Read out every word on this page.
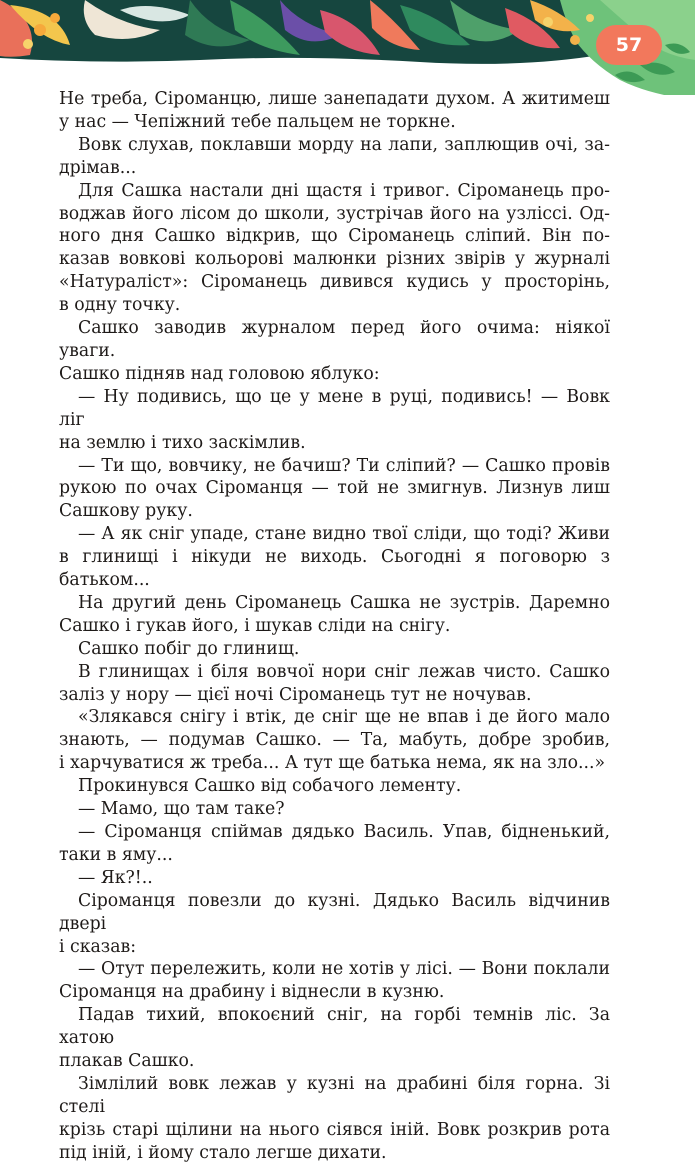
57
Не треба, Сіроманцю, лише занепадати духом. А житимеш
у нас — Чепіжний тебе пальцем не торкне.
Вовк слухав, поклавши морду на лапи, заплющив очі, за-
дрімав...
Для Сашка настали дні щастя і тривог. Сіроманець про-
воджав його лісом до школи, зустрічав його на узліссі. Од-
ного дня Сашко відкрив, що Сіроманець сліпий. Він по-
казав вовкові кольорові малюнки різних звірів у журналі
«Натураліст»: Сіроманець дивився кудись у просторінь,
в одну точку.
Сашко заводив журналом перед його очима: ніякої уваги.
Сашко підняв над головою яблуко:
— Ну подивись, що це у мене в руці, подивись! — Вовк ліг
на землю і тихо заскімлив.
— Ти що, вовчику, не бачиш? Ти сліпий? — Сашко провів
рукою по очах Сіроманця — той не змигнув. Лизнув лиш
Сашкову руку.
— А як сніг упаде, стане видно твої сліди, що тоді? Живи
в глинищі і нікуди не виходь. Сьогодні я поговорю з батьком...
На другий день Сіроманець Сашка не зустрів. Даремно
Сашко і гукав його, і шукав сліди на снігу.
Сашко побіг до глинищ.
В глинищах і біля вовчої нори сніг лежав чисто. Сашко
заліз у нору — цієї ночі Сіроманець тут не ночував.
«Злякався снігу і втік, де сніг ще не впав і де його мало
знають, — подумав Сашко. — Та, мабуть, добре зробив,
і харчуватися ж треба... А тут ще батька нема, як на зло...»
Прокинувся Сашко від собачого лементу.
— Мамо, що там таке?
— Сіроманця спіймав дядько Василь. Упав, бідненький,
таки в яму...
— Як?!..
Сіроманця повезли до кузні. Дядько Василь відчинив двері
і сказав:
— Отут перележить, коли не хотів у лісі. — Вони поклали
Сіроманця на драбину і віднесли в кузню.
Падав тихий, впокоєний сніг, на горбі темнів ліс. За хатою
плакав Сашко.
Зімлілий вовк лежав у кузні на драбині біля горна. Зі стелі
крізь старі щілини на нього сіявся іній. Вовк розкрив рота
під іній, і йому стало легше дихати.
